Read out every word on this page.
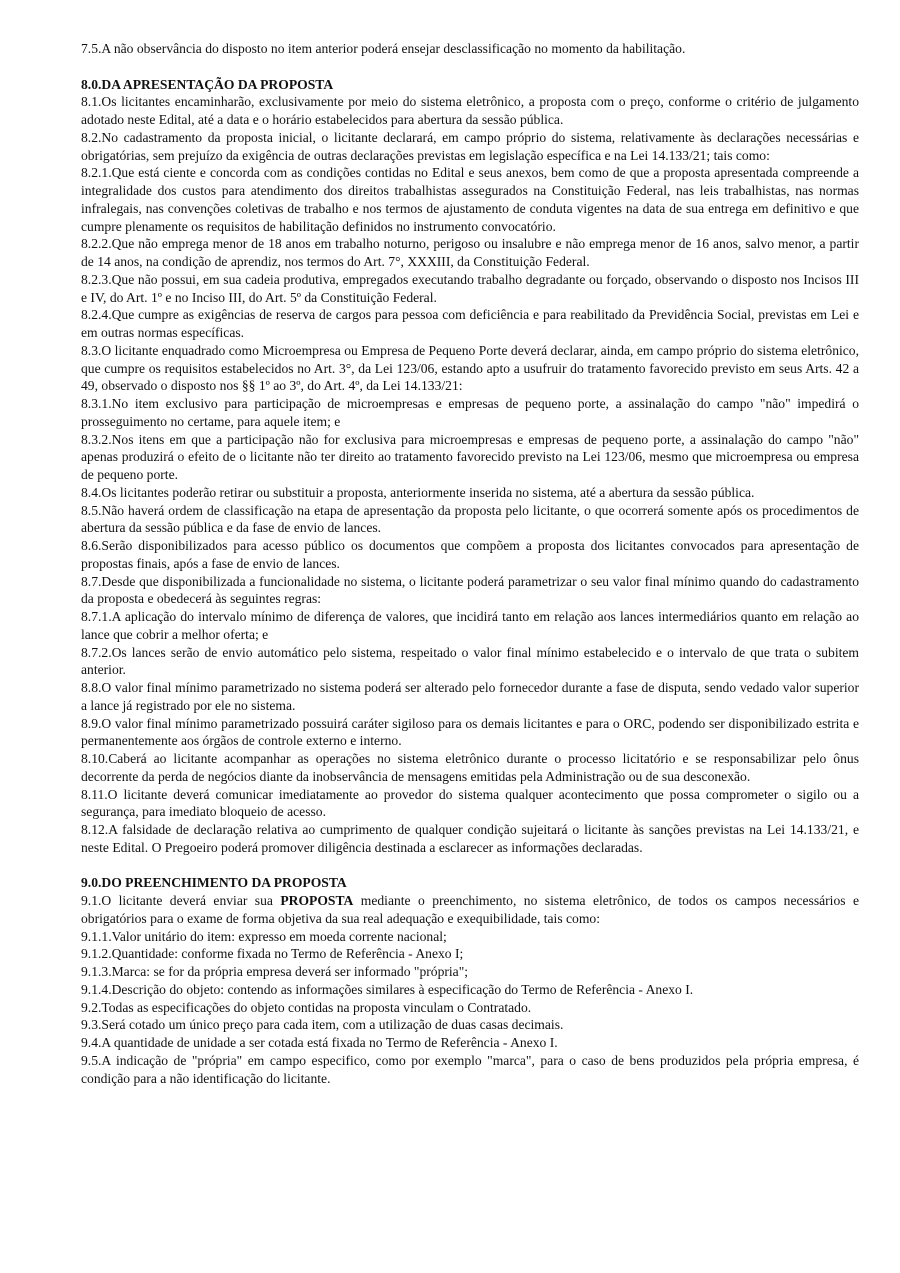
7.5.A não observância do disposto no item anterior poderá ensejar desclassificação no momento da habilitação.

8.0.DA APRESENTAÇÃO DA PROPOSTA

8.1.Os licitantes encaminharão, exclusivamente por meio do sistema eletrônico, a proposta com o preço, conforme o critério de julgamento adotado neste Edital, até a data e o horário estabelecidos para abertura da sessão pública.

8.2.No cadastramento da proposta inicial, o licitante declarará, em campo próprio do sistema, relativamente às declarações necessárias e obrigatórias, sem prejuízo da exigência de outras declarações previstas em legislação específica e na Lei 14.133/21; tais como:

8.2.1.Que está ciente e concorda com as condições contidas no Edital e seus anexos, bem como de que a proposta apresentada compreende a integralidade dos custos para atendimento dos direitos trabalhistas assegurados na Constituição Federal, nas leis trabalhistas, nas normas infralegais, nas convenções coletivas de trabalho e nos termos de ajustamento de conduta vigentes na data de sua entrega em definitivo e que cumpre plenamente os requisitos de habilitação definidos no instrumento convocatório.

8.2.2.Que não emprega menor de 18 anos em trabalho noturno, perigoso ou insalubre e não emprega menor de 16 anos, salvo menor, a partir de 14 anos, na condição de aprendiz, nos termos do Art. 7°, XXXIII, da Constituição Federal.

8.2.3.Que não possui, em sua cadeia produtiva, empregados executando trabalho degradante ou forçado, observando o disposto nos Incisos III e IV, do Art. 1º e no Inciso III, do Art. 5º da Constituição Federal.

8.2.4.Que cumpre as exigências de reserva de cargos para pessoa com deficiência e para reabilitado da Previdência Social, previstas em Lei e em outras normas específicas.

8.3.O licitante enquadrado como Microempresa ou Empresa de Pequeno Porte deverá declarar, ainda, em campo próprio do sistema eletrônico, que cumpre os requisitos estabelecidos no Art. 3°, da Lei 123/06, estando apto a usufruir do tratamento favorecido previsto em seus Arts. 42 a 49, observado o disposto nos §§ 1º ao 3º, do Art. 4º, da Lei 14.133/21:

8.3.1.No item exclusivo para participação de microempresas e empresas de pequeno porte, a assinalação do campo "não" impedirá o prosseguimento no certame, para aquele item; e

8.3.2.Nos itens em que a participação não for exclusiva para microempresas e empresas de pequeno porte, a assinalação do campo "não" apenas produzirá o efeito de o licitante não ter direito ao tratamento favorecido previsto na Lei 123/06, mesmo que microempresa ou empresa de pequeno porte.

8.4.Os licitantes poderão retirar ou substituir a proposta, anteriormente inserida no sistema, até a abertura da sessão pública.

8.5.Não haverá ordem de classificação na etapa de apresentação da proposta pelo licitante, o que ocorrerá somente após os procedimentos de abertura da sessão pública e da fase de envio de lances.

8.6.Serão disponibilizados para acesso público os documentos que compõem a proposta dos licitantes convocados para apresentação de propostas finais, após a fase de envio de lances.

8.7.Desde que disponibilizada a funcionalidade no sistema, o licitante poderá parametrizar o seu valor final mínimo quando do cadastramento da proposta e obedecerá às seguintes regras:

8.7.1.A aplicação do intervalo mínimo de diferença de valores, que incidirá tanto em relação aos lances intermediários quanto em relação ao lance que cobrir a melhor oferta; e

8.7.2.Os lances serão de envio automático pelo sistema, respeitado o valor final mínimo estabelecido e o intervalo de que trata o subitem anterior.

8.8.O valor final mínimo parametrizado no sistema poderá ser alterado pelo fornecedor durante a fase de disputa, sendo vedado valor superior a lance já registrado por ele no sistema.

8.9.O valor final mínimo parametrizado possuirá caráter sigiloso para os demais licitantes e para o ORC, podendo ser disponibilizado estrita e permanentemente aos órgãos de controle externo e interno.

8.10.Caberá ao licitante acompanhar as operações no sistema eletrônico durante o processo licitatório e se responsabilizar pelo ônus decorrente da perda de negócios diante da inobservância de mensagens emitidas pela Administração ou de sua desconexão.

8.11.O licitante deverá comunicar imediatamente ao provedor do sistema qualquer acontecimento que possa comprometer o sigilo ou a segurança, para imediato bloqueio de acesso.

8.12.A falsidade de declaração relativa ao cumprimento de qualquer condição sujeitará o licitante às sanções previstas na Lei 14.133/21, e neste Edital. O Pregoeiro poderá promover diligência destinada a esclarecer as informações declaradas.

9.0.DO PREENCHIMENTO DA PROPOSTA

9.1.O licitante deverá enviar sua PROPOSTA mediante o preenchimento, no sistema eletrônico, de todos os campos necessários e obrigatórios para o exame de forma objetiva da sua real adequação e exequibilidade, tais como:

9.1.1.Valor unitário do item: expresso em moeda corrente nacional;

9.1.2.Quantidade: conforme fixada no Termo de Referência - Anexo I;

9.1.3.Marca: se for da própria empresa deverá ser informado "própria";

9.1.4.Descrição do objeto: contendo as informações similares à especificação do Termo de Referência - Anexo I.

9.2.Todas as especificações do objeto contidas na proposta vinculam o Contratado.

9.3.Será cotado um único preço para cada item, com a utilização de duas casas decimais.

9.4.A quantidade de unidade a ser cotada está fixada no Termo de Referência - Anexo I.

9.5.A indicação de "própria" em campo especifico, como por exemplo "marca", para o caso de bens produzidos pela própria empresa, é condição para a não identificação do licitante.
